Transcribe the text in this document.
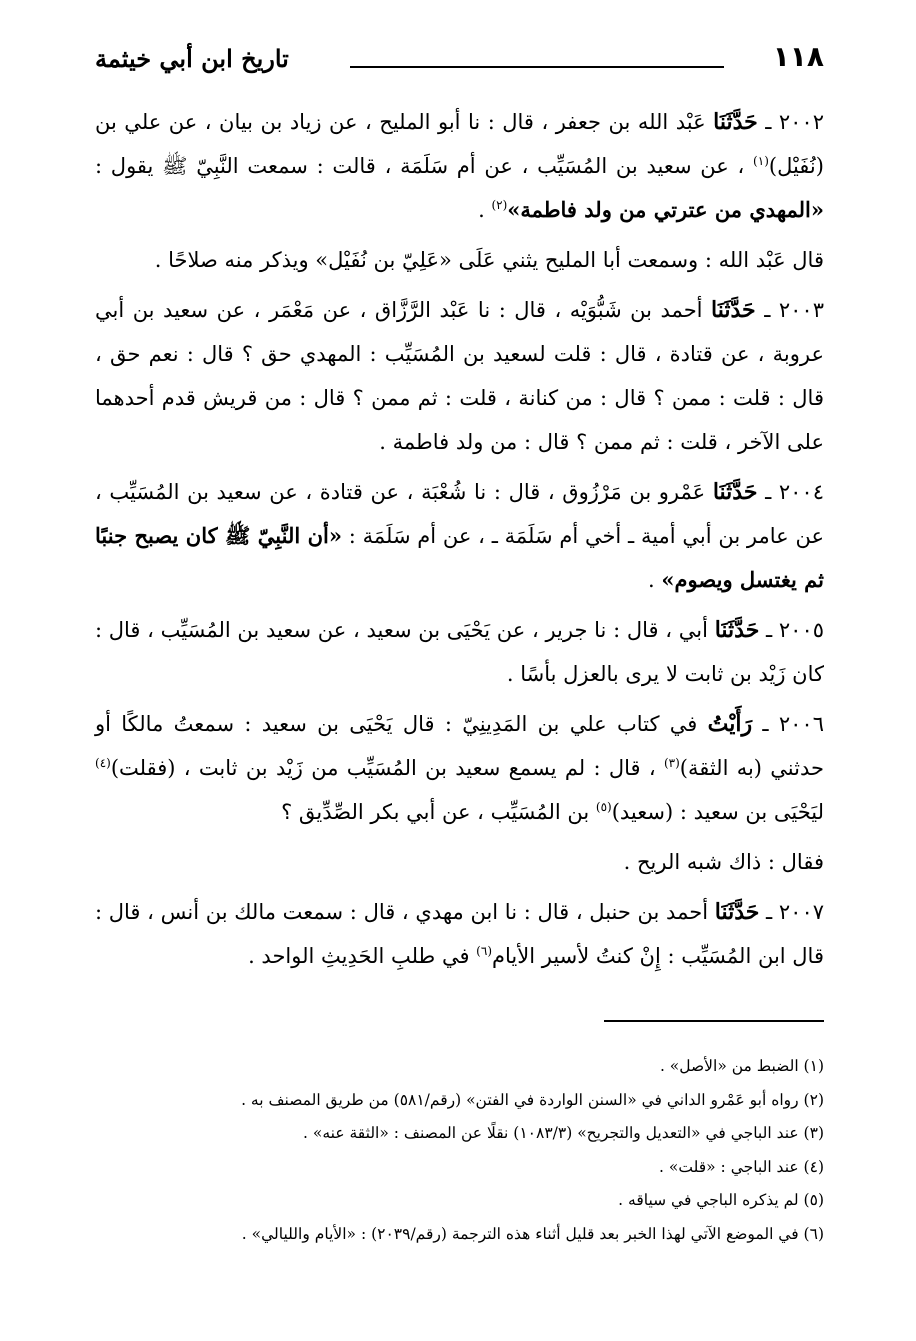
١١٨
تاريخ ابن أبي خيثمة

٢٠٠٢ ـ حَدَّثَنَا عَبْد الله بن جعفر ، قال : نا أبو المليح ، عن زياد بن بيان ، عن علي بن (نُفَيْل)$^{(١)}$ ، عن سعيد بن المُسَيِّب ، عن أم سَلَمَة ، قالت : سمعت النَّبِيّ ﷺ يقول : «المهدي من عترتي من ولد فاطمة»$^{(٢)}$ .

قال عَبْد الله : وسمعت أبا المليح يثني عَلَى «عَلِيّ بن نُفَيْل» ويذكر منه صلاحًا .

٢٠٠٣ ـ حَدَّثَنَا أحمد بن شَبُّوَيْه ، قال : نا عَبْد الرَّزَّاق ، عن مَعْمَر ، عن سعيد بن أبي عروبة ، عن قتادة ، قال : قلت لسعيد بن المُسَيِّب : المهدي حق ؟ قال : نعم حق ، قال : قلت : ممن ؟ قال : من كنانة ، قلت : ثم ممن ؟ قال : من قريش قدم أحدهما على الآخر ، قلت : ثم ممن ؟ قال : من ولد فاطمة .

٢٠٠٤ ـ حَدَّثَنَا عَمْرو بن مَرْزُوق ، قال : نا شُعْبَة ، عن قتادة ، عن سعيد بن المُسَيِّب ، عن عامر بن أبي أمية ـ أخي أم سَلَمَة ـ ، عن أم سَلَمَة : «أن النَّبِيّ ﷺ كان يصبح جنبًا ثم يغتسل ويصوم» .

٢٠٠٥ ـ حَدَّثَنَا أبي ، قال : نا جرير ، عن يَحْيَى بن سعيد ، عن سعيد بن المُسَيِّب ، قال : كان زَيْد بن ثابت لا يرى بالعزل بأسًا .

٢٠٠٦ ـ رَأَيْتُ في كتاب علي بن المَدِينِيّ : قال يَحْيَى بن سعيد : سمعتُ مالكًا أو حدثني (به الثقة)$^{(٣)}$ ، قال : لم يسمع سعيد بن المُسَيِّب من زَيْد بن ثابت ، (فقلت)$^{(٤)}$ ليَحْيَى بن سعيد : (سعيد)$^{(٥)}$ بن المُسَيِّب ، عن أبي بكر الصِّدِّيق ؟

فقال : ذاك شبه الريح .

٢٠٠٧ ـ حَدَّثَنَا أحمد بن حنبل ، قال : نا ابن مهدي ، قال : سمعت مالك بن أنس ، قال : قال ابن المُسَيِّب : إِنْ كنتُ لأسير الأيام$^{(٦)}$ في طلبِ الحَدِيثِ الواحد .

(١) الضبط من «الأصل» .
(٢) رواه أبو عَمْرو الداني في «السنن الواردة في الفتن» (رقم/٥٨١) من طريق المصنف به .
(٣) عند الباجي في «التعديل والتجريح» (١٠٨٣/٣) نقلًا عن المصنف : «الثقة عنه» .
(٤) عند الباجي : «قلت» .
(٥) لم يذكره الباجي في سياقه .
(٦) في الموضع الآتي لهذا الخبر بعد قليل أثناء هذه الترجمة (رقم/٢٠٣٩) : «الأيام والليالي» .
